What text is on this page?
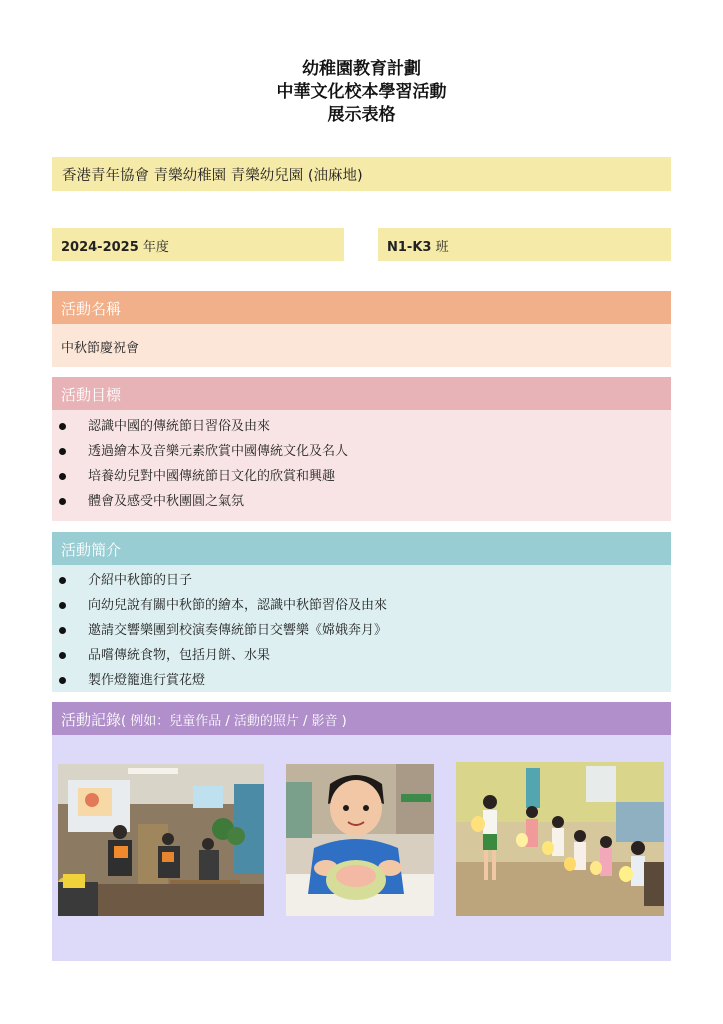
幼稚園教育計劃
中華文化校本學習活動
展示表格
香港青年協會 青樂幼稚園 青樂幼兒園 (油麻地)
2024-2025 年度	N1-K3 班
活動名稱
中秋節慶祝會
活動目標
認識中國的傳統節日習俗及由來
透過繪本及音樂元素欣賞中國傳統文化及名人
培養幼兒對中國傳統節日文化的欣賞和興趣
體會及感受中秋團圓之氣氛
活動簡介
介紹中秋節的日子
向幼兒說有關中秋節的繪本，認識中秋節習俗及由來
邀請交響樂團到校演奏傳統節日交響樂《嫦娥奔月》
品嚐傳統食物，包括月餅、水果
製作燈籠進行賞花燈
活動記錄( 例如：兒童作品 / 活動的照片 / 影音 )
